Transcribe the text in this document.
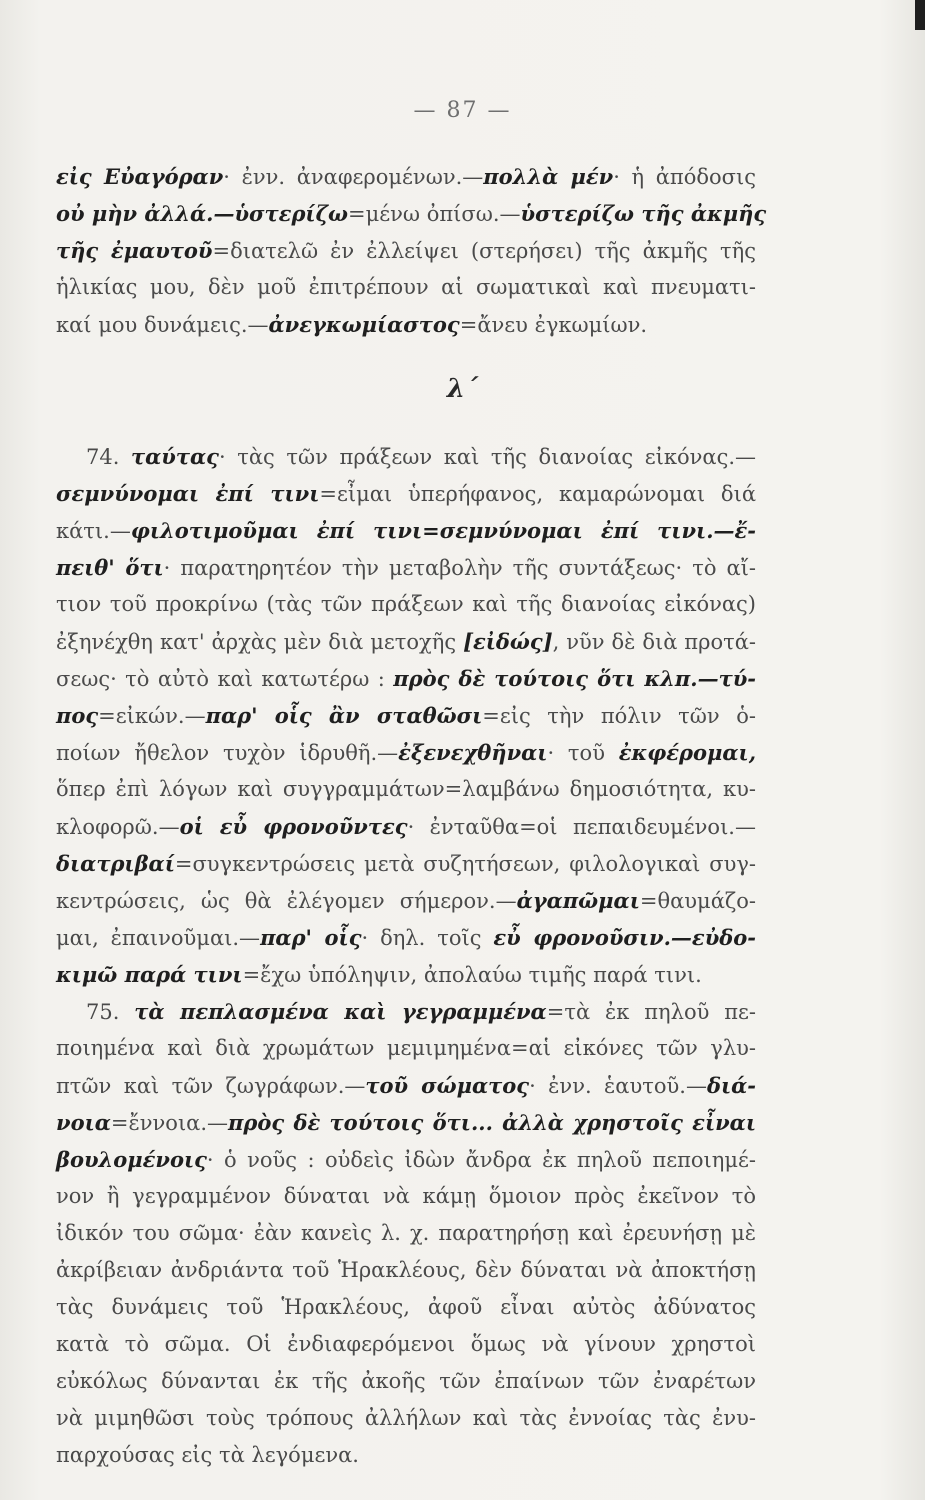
— 87 —
εἰς Εὐαγόραν· ἐνν. ἀναφερομένων.—πολλὰ μέν· ἡ ἀπόδοσις
οὐ μὴν ἀλλά.—ὑστερίζω=μένω ὀπίσω.—ὑστερίζω τῆς ἀκμῆς
τῆς ἐμαυτοῦ=διατελῶ ἐν ἐλλείψει (στερήσει) τῆς ἀκμῆς τῆς
ἡλικίας μου, δὲν μοῦ ἐπιτρέπουν αἱ σωματικαὶ καὶ πνευματι-
καί μου δυνάμεις.—ἀνεγκωμίαστος=ἄνευ ἐγκωμίων.
λ΄
74. ταύτας· τὰς τῶν πράξεων καὶ τῆς διανοίας εἰκόνας.—
σεμνύνομαι ἐπί τινι=εἶμαι ὑπερήφανος, καμαρώνομαι διά
κάτι.—φιλοτιμοῦμαι ἐπί τινι=σεμνύνομαι ἐπί τινι.—ἔ-
πειθ' ὅτι· παρατηρητέον τὴν μεταβολὴν τῆς συντάξεως· τὸ αἴ-
τιον τοῦ προκρίνω (τὰς τῶν πράξεων καὶ τῆς διανοίας εἰκόνας)
ἐξηνέχθη κατ' ἀρχὰς μὲν διὰ μετοχῆς [εἰδώς], νῦν δὲ διὰ προτά-
σεως· τὸ αὐτὸ καὶ κατωτέρω : πρὸς δὲ τούτοις ὅτι κλπ.—τύ-
πος=εἰκών.—παρ' οἷς ἂν σταθῶσι=εἰς τὴν πόλιν τῶν ὁ-
ποίων ἤθελον τυχὸν ἱδρυθῆ.—ἐξενεχθῆναι· τοῦ ἐκφέρομαι,
ὅπερ ἐπὶ λόγων καὶ συγγραμμάτων=λαμβάνω δημοσιότητα, κυ-
κλοφορῶ.—οἱ εὖ φρονοῦντες· ἐνταῦθα=οἱ πεπαιδευμένοι.—
διατριβαί=συγκεντρώσεις μετὰ συζητήσεων, φιλολογικαὶ συγ-
κεντρώσεις, ὡς θὰ ἐλέγομεν σήμερον.—ἀγαπῶμαι=θαυμάζο-
μαι, ἐπαινοῦμαι.—παρ' οἷς· δηλ. τοῖς εὖ φρονοῦσιν.—εὐδο-
κιμῶ παρά τινι=ἔχω ὑπόληψιν, ἀπολαύω τιμῆς παρά τινι.
75. τὰ πεπλασμένα καὶ γεγραμμένα=τὰ ἐκ πηλοῦ πε-
ποιημένα καὶ διὰ χρωμάτων μεμιμημένα=αἱ εἰκόνες τῶν γλυ-
πτῶν καὶ τῶν ζωγράφων.—τοῦ σώματος· ἐνν. ἑαυτοῦ.—διά-
νοια=ἔννοια.—πρὸς δὲ τούτοις ὅτι... ἀλλὰ χρηστοῖς εἶναι
βουλομένοις· ὁ νοῦς : οὐδεὶς ἰδὼν ἄνδρα ἐκ πηλοῦ πεποιημέ-
νον ἢ γεγραμμένον δύναται νὰ κάμῃ ὅμοιον πρὸς ἐκεῖνον τὸ
ἰδικόν του σῶμα· ἐὰν κανεὶς λ. χ. παρατηρήσῃ καὶ ἐρευνήσῃ μὲ
ἀκρίβειαν ἀνδριάντα τοῦ Ἡρακλέους, δὲν δύναται νὰ ἀποκτήσῃ
τὰς δυνάμεις τοῦ Ἡρακλέους, ἀφοῦ εἶναι αὐτὸς ἀδύνατος
κατὰ τὸ σῶμα. Οἱ ἐνδιαφερόμενοι ὅμως νὰ γίνουν χρηστοὶ
εὐκόλως δύνανται ἐκ τῆς ἀκοῆς τῶν ἐπαίνων τῶν ἐναρέτων
νὰ μιμηθῶσι τοὺς τρόπους ἀλλήλων καὶ τὰς ἐννοίας τὰς ἐνυ-
παρχούσας εἰς τὰ λεγόμενα.
